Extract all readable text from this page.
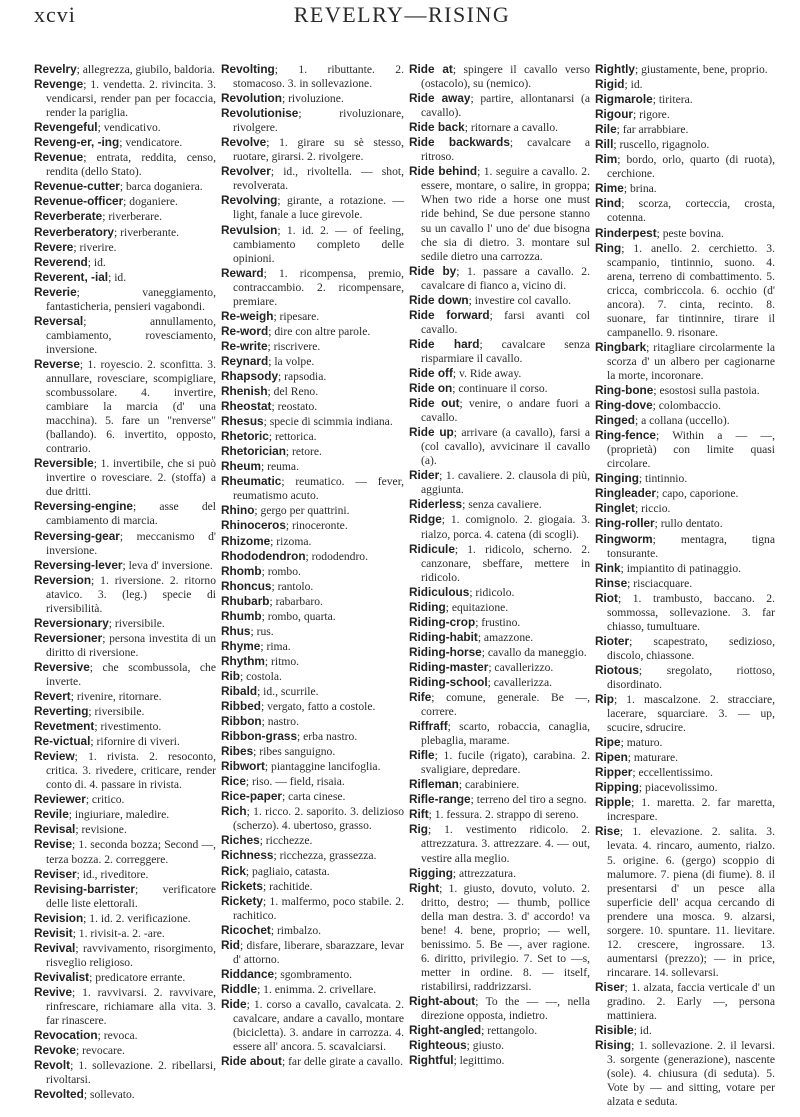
xcvi	REVELRY—RISING

Revelry; allegrezza, giubilo, baldoria.

Revenge; 1. vendetta. 2. rivincita. 3. vendicarsi, render pan per focaccia, render la pariglia.

Revengeful; vendicativo.

Reveng-er, -ing; vendicatore.

Revenue; entrata, reddita, censo, rendita (dello Stato).

Revenue-cutter; barca doganiera.

Revenue-officer; doganiere.

Reverberate; riverberare.

Reverberatory; riverberante.

Revere; riverire.

Reverend; id.

Reverent, -ial; id.

Reverie; vaneggiamento, fantasticheria, pensieri vagabondi.

Reversal; annullamento, cambiamento, rovesciamento, inversione.

Reverse; 1. royescio. 2. sconfitta. 3. annullare, rovesciare, scompigliare, scombussolare. 4. invertire, cambiare la marcia (d' una macchina). 5. fare un "renverse" (ballando). 6. invertito, opposto, contrario.

Reversible; 1. invertibile, che si può invertire o rovesciare. 2. (stoffa) a due dritti.

Reversing-engine; asse del cambiamento di marcia.

Reversing-gear; meccanismo d' inversione.

Reversing-lever; leva d' inversione.

Reversion; 1. riversione. 2. ritorno atavico. 3. (leg.) specie di riversibilità.

Reversionary; riversibile.

Reversioner; persona investita di un diritto di riversione.

Reversive; che scombussola, che inverte.

Revert; rivenire, ritornare.

Reverting; riversibile.

Revetment; rivestimento.

Re-victual; rifornire di viveri.

Review; 1. rivista. 2. resoconto, critica. 3. rivedere, criticare, render conto di. 4. passare in rivista.

Reviewer; critico.

Revile; ingiuriare, maledire.

Revisal; revisione.

Revise; 1. seconda bozza; Second —, terza bozza. 2. correggere.

Reviser; id., riveditore.

Revising-barrister; verificatore delle liste elettorali.

Revision; 1. id. 2. verificazione.

Revisit; 1. rivisit-a. 2. -are.

Revival; ravvivamento, risorgimento, risveglio religioso.

Revivalist; predicatore errante.

Revive; 1. ravvivarsi. 2. ravvivare, rinfrescare, richiamare alla vita. 3. far rinascere.

Revocation; revoca.

Revoke; revocare.

Revolt; 1. sollevazione. 2. ribellarsi, rivoltarsi.

Revolted; sollevato.

Revolting; 1. ributtante. 2. stomacoso. 3. in sollevazione.

Revolution; rivoluzione.

Revolutionise; rivoluzionare, rivolgere.

Revolve; 1. girare su sè stesso, ruotare, girarsi. 2. rivolgere.

Revolver; id., rivoltella. — shot, revolverata.

Revolving; girante, a rotazione. — light, fanale a luce girevole.

Revulsion; 1. id. 2. — of feeling, cambiamento completo delle opinioni.

Reward; 1. ricompensa, premio, contraccambio. 2. ricompensare, premiare.

Re-weigh; ripesare.

Re-word; dire con altre parole.

Re-write; riscrivere.

Reynard; la volpe.

Rhapsody; rapsodia.

Rhenish; del Reno.

Rheostat; reostato.

Rhesus; specie di scimmia indiana.

Rhetoric; rettorica.

Rhetorician; retore.

Rheum; reuma.

Rheumatic; reumatico. — fever, reumatismo acuto.

Rhino; gergo per quattrini.

Rhinoceros; rinoceronte.

Rhizome; rizoma.

Rhododendron; rododendro.

Rhomb; rombo.

Rhoncus; rantolo.

Rhubarb; rabarbaro.

Rhumb; rombo, quarta.

Rhus; rus.

Rhyme; rima.

Rhythm; ritmo.

Rib; costola.

Ribald; id., scurrile.

Ribbed; vergato, fatto a costole.

Ribbon; nastro.

Ribbon-grass; erba nastro.

Ribes; ribes sanguigno.

Ribwort; piantaggine lancifoglia.

Rice; riso. — field, risaia.

Rice-paper; carta cinese.

Rich; 1. ricco. 2. saporito. 3. delizioso (scherzo). 4. ubertoso, grasso.

Riches; ricchezze.

Richness; ricchezza, grassezza.

Rick; pagliaio, catasta.

Rickets; rachitide.

Rickety; 1. malfermo, poco stabile. 2. rachitico.

Ricochet; rimbalzo.

Rid; disfare, liberare, sbarazzare, levar d' attorno.

Riddance; sgombramento.

Riddle; 1. enimma. 2. crivellare.

Ride; 1. corso a cavallo, cavalcata. 2. cavalcare, andare a cavallo, montare (bicicletta). 3. andare in carrozza. 4. essere all' ancora. 5. scavalciarsi.

Ride about; far delle girate a cavallo.

Ride at; spingere il cavallo verso (ostacolo), su (nemico).

Ride away; partire, allontanarsi (a cavallo).

Ride back; ritornare a cavallo.

Ride backwards; cavalcare a ritroso.

Ride behind; 1. seguire a cavallo. 2. essere, montare, o salire, in groppa; When two ride a horse one must ride behind, Se due persone stanno su un cavallo l' uno de' due bisogna che sia di dietro. 3. montare sul sedile dietro una carrozza.

Ride by; 1. passare a cavallo. 2. cavalcare di fianco a, vicino di.

Ride down; investire col cavallo.

Ride forward; farsi avanti col cavallo.

Ride hard; cavalcare senza risparmiare il cavallo.

Ride off; v. Ride away.

Ride on; continuare il corso.

Ride out; venire, o andare fuori a cavallo.

Ride up; arrivare (a cavallo), farsi a (col cavallo), avvicinare il cavallo (a).

Rider; 1. cavaliere. 2. clausola di più, aggiunta.

Riderless; senza cavaliere.

Ridge; 1. comignolo. 2. giogaia. 3. rialzo, porca. 4. catena (di scogli).

Ridicule; 1. ridicolo, scherno. 2. canzonare, sbeffare, mettere in ridicolo.

Ridiculous; ridicolo.

Riding; equitazione.

Riding-crop; frustino.

Riding-habit; amazzone.

Riding-horse; cavallo da maneggio.

Riding-master; cavallerizzo.

Riding-school; cavallerizza.

Rife; comune, generale. Be —, correre.

Riffraff; scarto, robaccia, canaglia, plebaglia, marame.

Rifle; 1. fucile (rigato), carabina. 2. svaligiare, depredare.

Rifleman; carabiniere.

Rifle-range; terreno del tiro a segno.

Rift; 1. fessura. 2. strappo di sereno.

Rig; 1. vestimento ridicolo. 2. attrezzatura. 3. attrezzare. 4. — out, vestire alla meglio.

Rigging; attrezzatura.

Right; 1. giusto, dovuto, voluto. 2. dritto, destro; — thumb, pollice della man destra. 3. d' accordo! va bene! 4. bene, proprio; — well, benissimo. 5. Be —, aver ragione. 6. diritto, privilegio. 7. Set to —s, metter in ordine. 8. — itself, ristabilirsi, raddrizzarsi.

Right-about; To the — —, nella direzione opposta, indietro.

Right-angled; rettangolo.

Righteous; giusto.

Rightful; legittimo.

Rightly; giustamente, bene, proprio.

Rigid; id.

Rigmarole; tiritera.

Rigour; rigore.

Rile; far arrabbiare.

Rill; ruscello, rigagnolo.

Rim; bordo, orlo, quarto (di ruota), cerchione.

Rime; brina.

Rind; scorza, corteccia, crosta, cotenna.

Rinderpest; peste bovina.

Ring; 1. anello. 2. cerchietto. 3. scampanio, tintinnio, suono. 4. arena, terreno di combattimento. 5. cricca, combriccola. 6. occhio (d' ancora). 7. cinta, recinto. 8. suonare, far tintinnire, tirare il campanello. 9. risonare.

Ringbark; ritagliare circolarmente la scorza d' un albero per cagionarne la morte, incoronare.

Ring-bone; esostosi sulla pastoia.

Ring-dove; colombaccio.

Ringed; a collana (uccello).

Ring-fence; Within a — —, (proprietà) con limite quasi circolare.

Ringing; tintinnio.

Ringleader; capo, caporione.

Ringlet; riccio.

Ring-roller; rullo dentato.

Ringworm; mentagra, tigna tonsurante.

Rink; impiantito di patinaggio.

Rinse; risciacquare.

Riot; 1. trambusto, baccano. 2. sommossa, sollevazione. 3. far chiasso, tumultuare.

Rioter; scapestrato, sedizioso, discolo, chiassone.

Riotous; sregolato, riottoso, disordinato.

Rip; 1. mascalzone. 2. stracciare, lacerare, squarciare. 3. — up, scucire, sdrucire.

Ripe; maturo.

Ripen; maturare.

Ripper; eccellentissimo.

Ripping; piacevolissimo.

Ripple; 1. maretta. 2. far maretta, increspare.

Rise; 1. elevazione. 2. salita. 3. levata. 4. rincaro, aumento, rialzo. 5. origine. 6. (gergo) scoppio di malumore. 7. piena (di fiume). 8. il presentarsi d' un pesce alla superficie dell' acqua cercando di prendere una mosca. 9. alzarsi, sorgere. 10. spuntare. 11. lievitare. 12. crescere, ingrossare. 13. aumentarsi (prezzo); — in price, rincarare. 14. sollevarsi.

Riser; 1. alzata, faccia verticale d' un gradino. 2. Early —, persona mattiniera.

Risible; id.

Rising; 1. sollevazione. 2. il levarsi. 3. sorgente (generazione), nascente (sole). 4. chiusura (di seduta). 5. Vote by — and sitting, votare per alzata e seduta.
